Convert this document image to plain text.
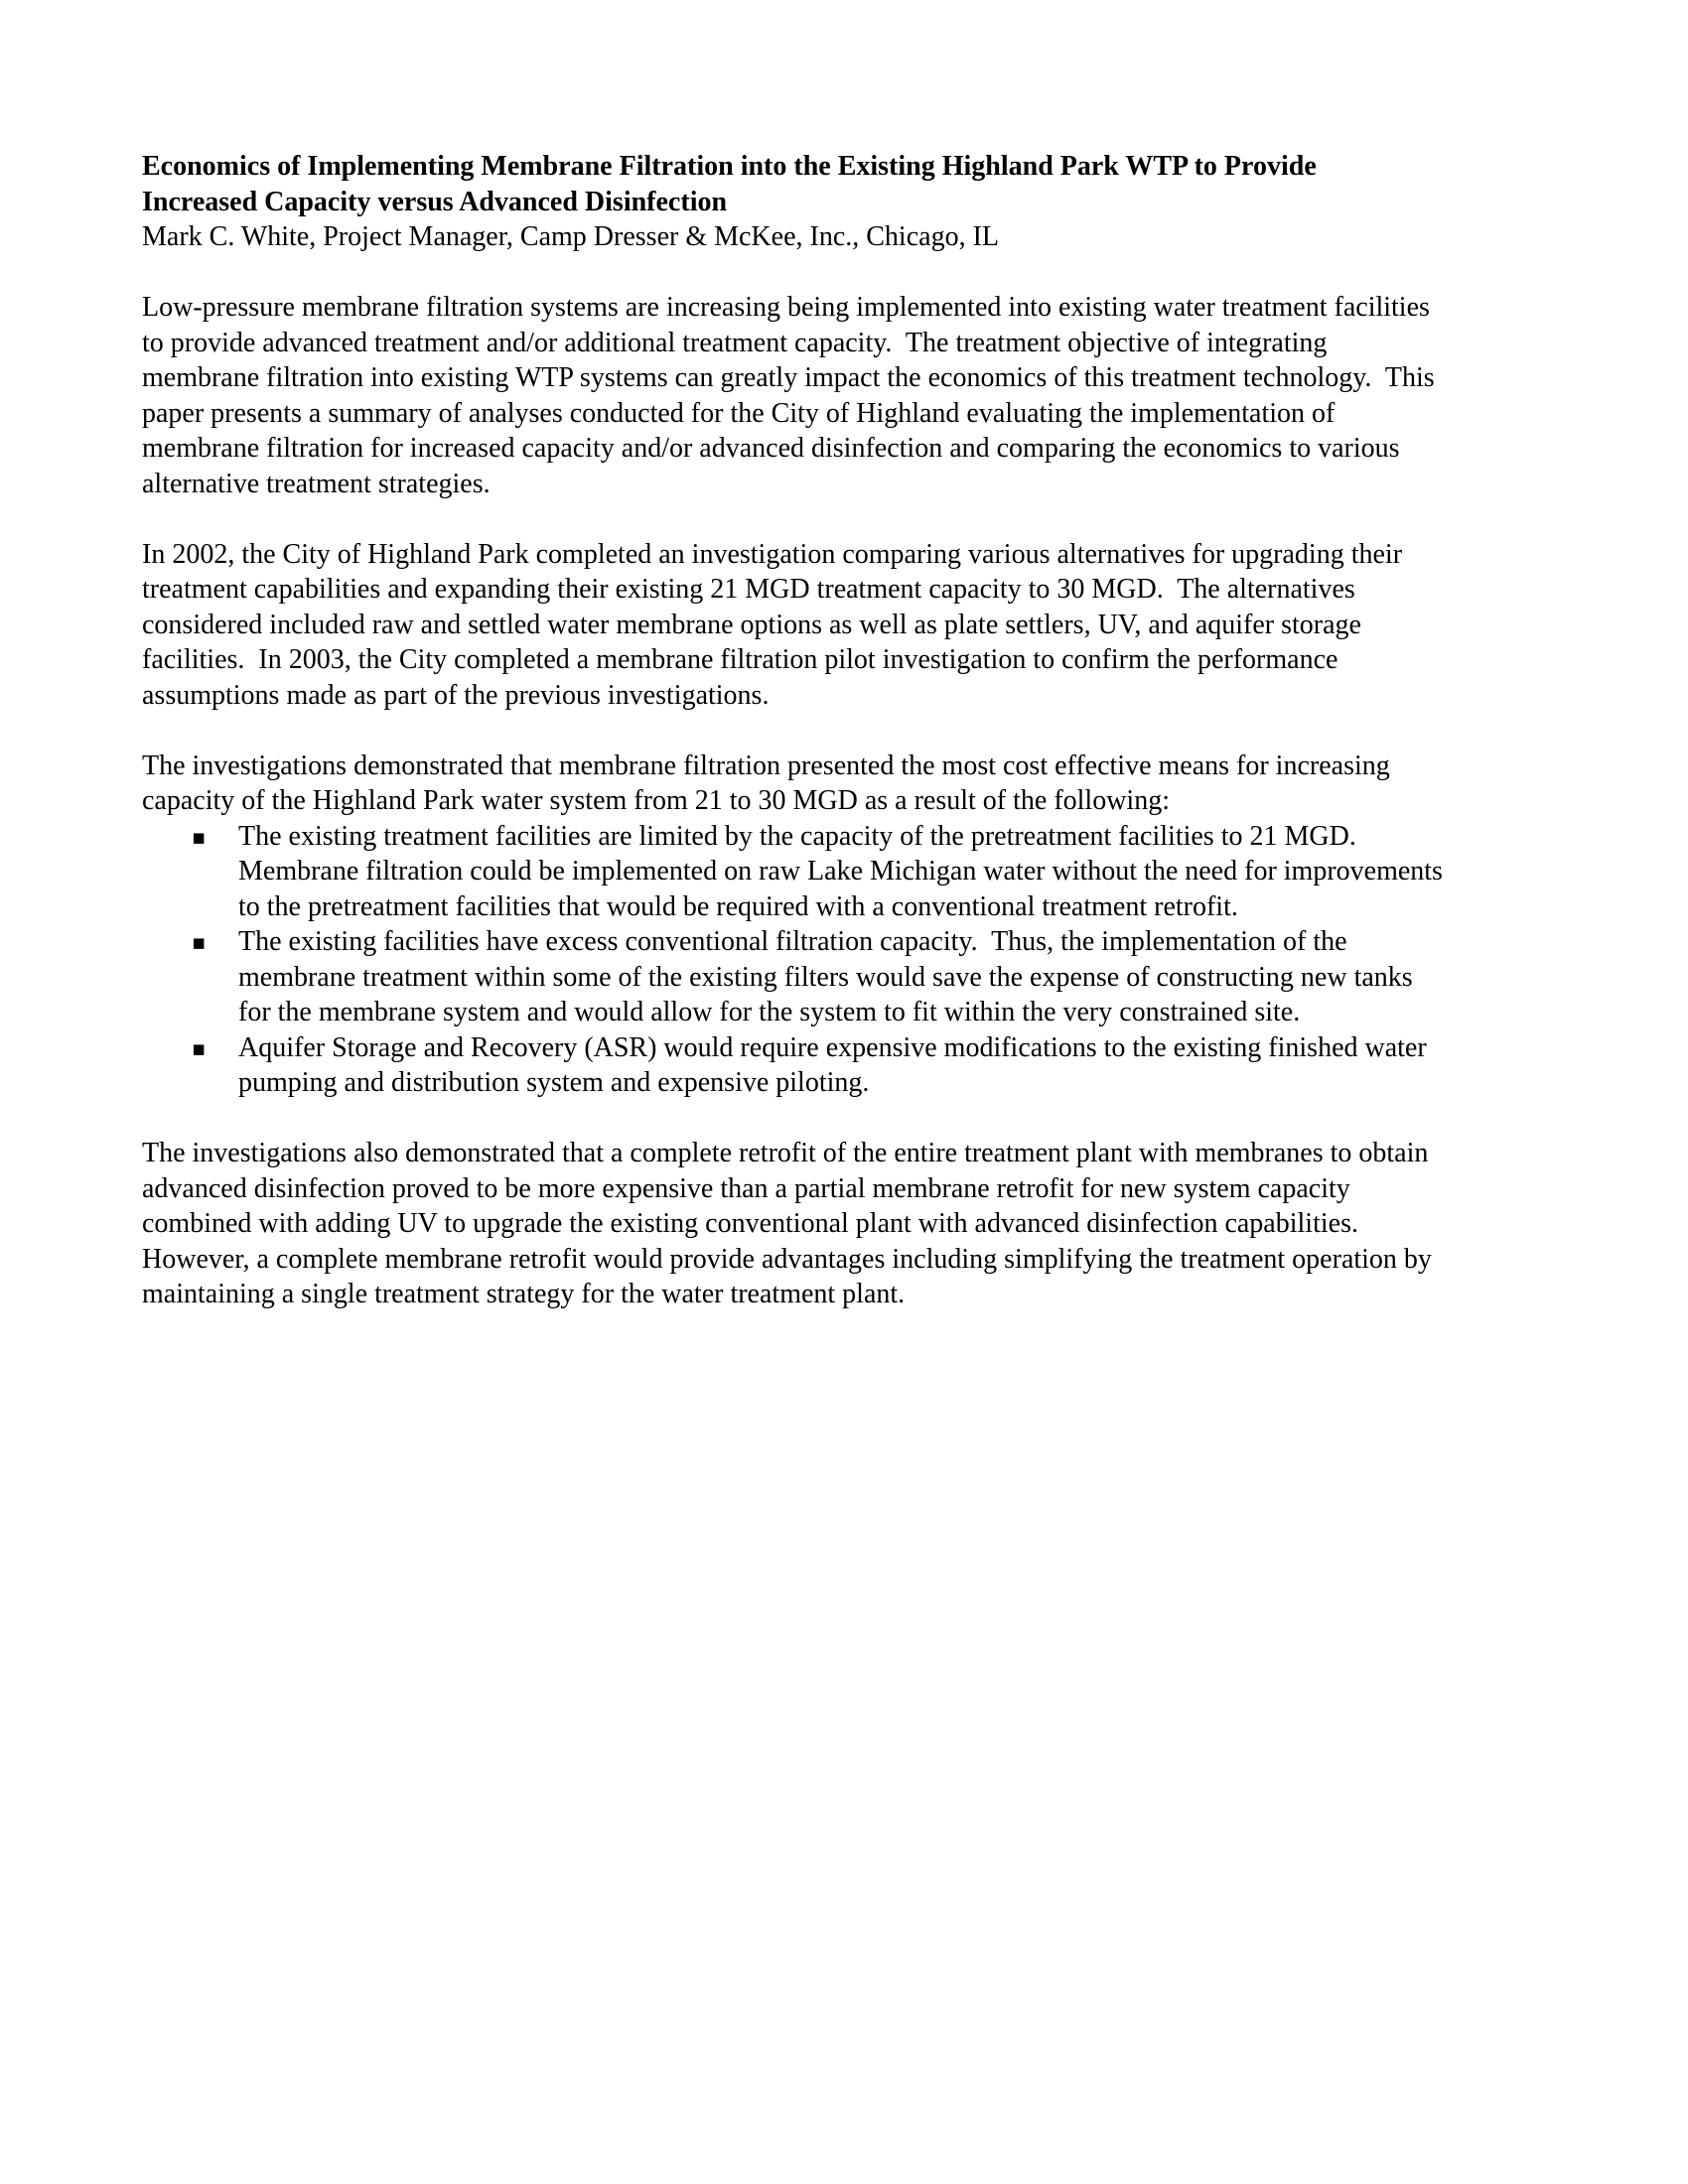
Economics of Implementing Membrane Filtration into the Existing Highland Park WTP to Provide
Increased Capacity versus Advanced Disinfection

Mark C. White, Project Manager, Camp Dresser & McKee, Inc., Chicago, IL

Low-pressure membrane filtration systems are increasing being implemented into existing water treatment facilities to provide advanced treatment and/or additional treatment capacity.  The treatment objective of integrating membrane filtration into existing WTP systems can greatly impact the economics of this treatment technology.  This paper presents a summary of analyses conducted for the City of Highland evaluating the implementation of membrane filtration for increased capacity and/or advanced disinfection and comparing the economics to various alternative treatment strategies.

In 2002, the City of Highland Park completed an investigation comparing various alternatives for upgrading their treatment capabilities and expanding their existing 21 MGD treatment capacity to 30 MGD.  The alternatives considered included raw and settled water membrane options as well as plate settlers, UV, and aquifer storage facilities.  In 2003, the City completed a membrane filtration pilot investigation to confirm the performance assumptions made as part of the previous investigations.

The investigations demonstrated that membrane filtration presented the most cost effective means for increasing capacity of the Highland Park water system from 21 to 30 MGD as a result of the following:

▪ The existing treatment facilities are limited by the capacity of the pretreatment facilities to 21 MGD.  Membrane filtration could be implemented on raw Lake Michigan water without the need for improvements to the pretreatment facilities that would be required with a conventional treatment retrofit.
▪ The existing facilities have excess conventional filtration capacity.  Thus, the implementation of the membrane treatment within some of the existing filters would save the expense of constructing new tanks for the membrane system and would allow for the system to fit within the very constrained site.
▪ Aquifer Storage and Recovery (ASR) would require expensive modifications to the existing finished water pumping and distribution system and expensive piloting.

The investigations also demonstrated that a complete retrofit of the entire treatment plant with membranes to obtain advanced disinfection proved to be more expensive than a partial membrane retrofit for new system capacity combined with adding UV to upgrade the existing conventional plant with advanced disinfection capabilities.  However, a complete membrane retrofit would provide advantages including simplifying the treatment operation by maintaining a single treatment strategy for the water treatment plant.
